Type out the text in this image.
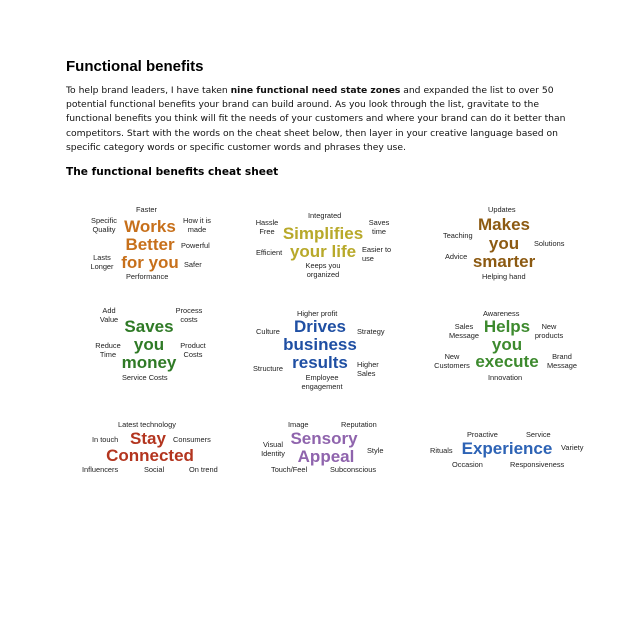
Functional benefits

To help brand leaders, I have taken nine functional need state zones and expanded the list to over 50 potential functional benefits your brand can build around. As you look through the list, gravitate to the functional benefits you think will fit the needs of your customers and where your brand can do it better than competitors. Start with the words on the cheat sheet below, then layer in your creative language based on specific category words or specific customer words and phrases they use.

The functional benefits cheat sheet
Faster
Specific Quality
How it is made
Powerful
Lasts Longer	Safer
Performance
Works
Better
for you
Integrated
Hassle Free
Saves time
Efficient	Easier to use
Keeps you organized
Simplifies
your life
Updates
Teaching
Solutions
Advice
Helping hand
Makes
you
smarter
Add Value
Process costs
Reduce Time
Product Costs
Service Costs
Saves
you
money
Higher profit
Culture	Strategy
Structure	Higher Sales
Employee engagement
Drives
business
results
Awareness
Sales Message
New products
New Customers
Brand Message
Innovation
Helps
you
execute
Latest technology
In touch	Consumers
Influencers	Social	On trend
Stay
Connected
Image	Reputation
Visual Identity	Style
Touch/Feel	Subconscious
Sensory
Appeal
Proactive	Service
Rituals	Variety
Occasion	Responsiveness
Experience
